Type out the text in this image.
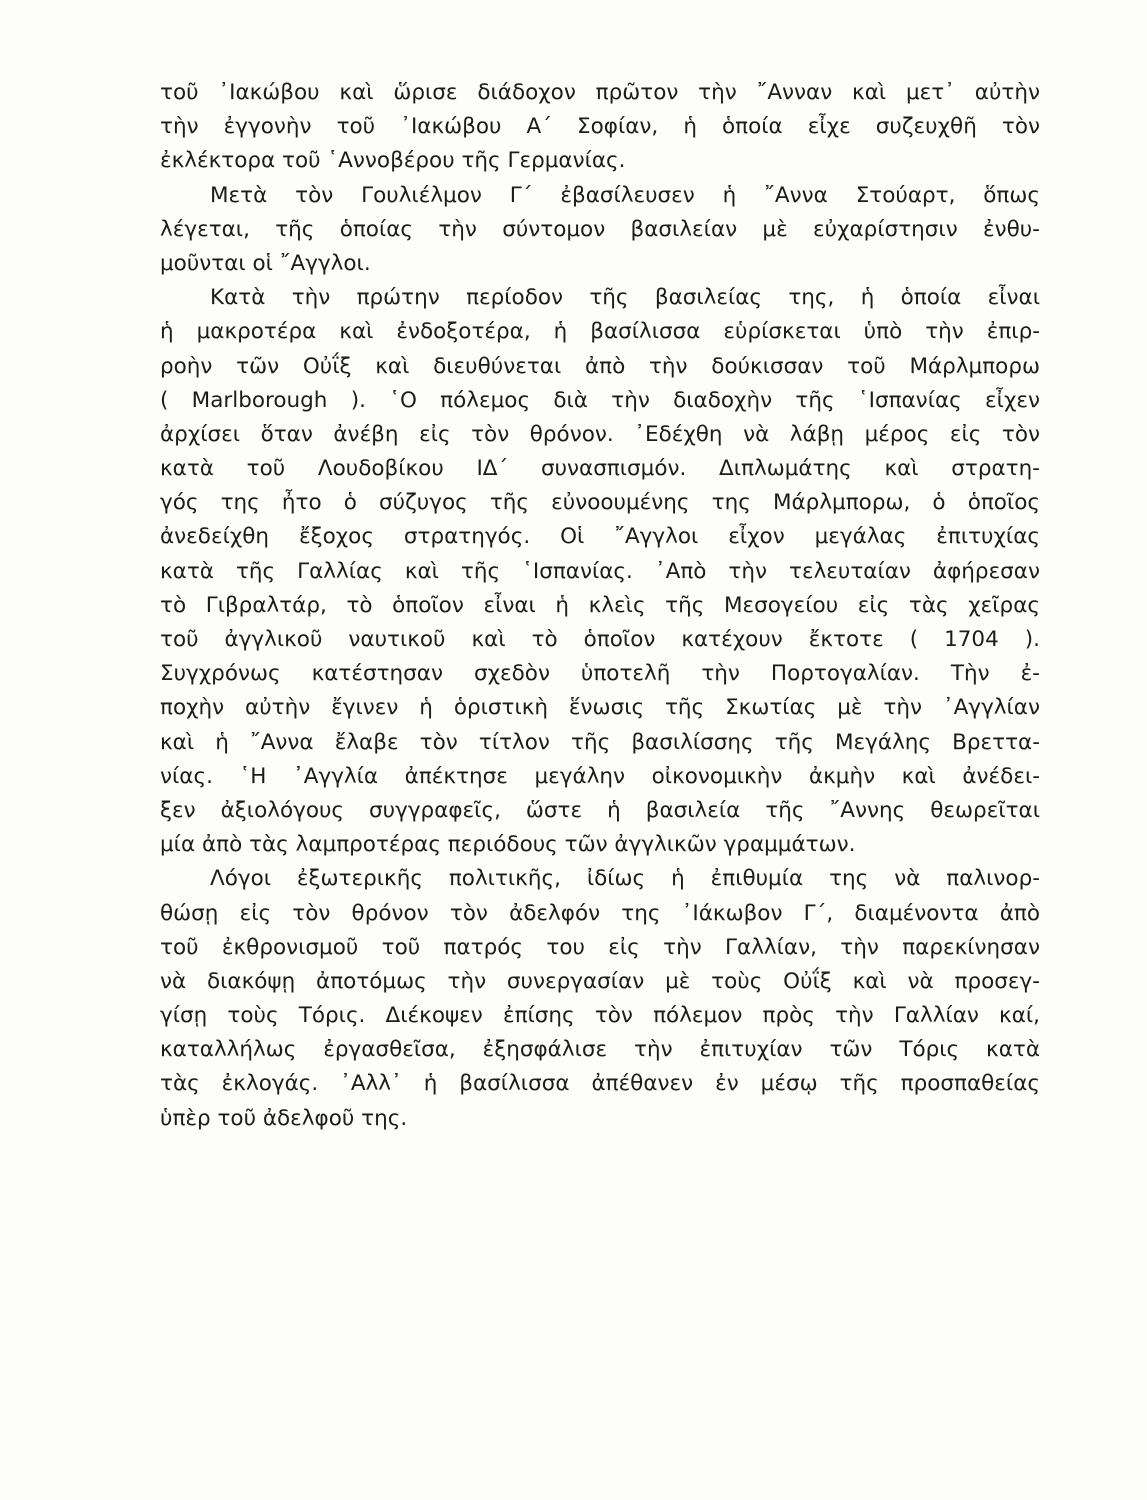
τοῦ ᾿Ιακώβου καὶ ὥρισε διάδοχον πρῶτον τὴν ῎Ανναν καὶ μετ᾿ αὐτὴν
τὴν ἐγγονὴν τοῦ ᾿Ιακώβου Α΄ Σοφίαν, ἡ ὁποία εἶχε συζευχθῆ τὸν
ἐκλέκτορα τοῦ ῾Αννοβέρου τῆς Γερμανίας.
Μετὰ τὸν Γουλιέλμον Γ΄ ἐβασίλευσεν ἡ ῎Αννα Στούαρτ, ὅπως
λέγεται, τῆς ὁποίας τὴν σύντομον βασιλείαν μὲ εὐχαρίστησιν ἐνθυ-
μοῦνται οἱ ῎Αγγλοι.
Κατὰ τὴν πρώτην περίοδον τῆς βασιλείας της, ἡ ὁποία εἶναι
ἡ μακροτέρα καὶ ἐνδοξοτέρα, ἡ βασίλισσα εὑρίσκεται ὑπὸ τὴν ἐπιρ-
ροὴν τῶν Οὐΐξ καὶ διευθύνεται ἀπὸ τὴν δούκισσαν τοῦ Μάρλμπορω
( Marlborough ). ῾Ο πόλεμος διὰ τὴν διαδοχὴν τῆς ῾Ισπανίας εἶχεν
ἀρχίσει ὅταν ἀνέβη εἰς τὸν θρόνον. ᾿Εδέχθη νὰ λάβῃ μέρος εἰς τὸν
κατὰ τοῦ Λουδοβίκου ΙΔ΄ συνασπισμόν. Διπλωμάτης καὶ στρατη-
γός της ἦτο ὁ σύζυγος τῆς εὐνοουμένης της Μάρλμπορω, ὁ ὁποῖος
ἀνεδείχθη ἔξοχος στρατηγός. Οἱ ῎Αγγλοι εἶχον μεγάλας ἐπιτυχίας
κατὰ τῆς Γαλλίας καὶ τῆς ῾Ισπανίας. ᾿Απὸ τὴν τελευταίαν ἀφήρεσαν
τὸ Γιβραλτάρ, τὸ ὁποῖον εἶναι ἡ κλεὶς τῆς Μεσογείου εἰς τὰς χεῖρας
τοῦ ἀγγλικοῦ ναυτικοῦ καὶ τὸ ὁποῖον κατέχουν ἔκτοτε ( 1704 ).
Συγχρόνως κατέστησαν σχεδὸν ὑποτελῆ τὴν Πορτογαλίαν. Τὴν ἐ-
ποχὴν αὐτὴν ἔγινεν ἡ ὁριστικὴ ἕνωσις τῆς Σκωτίας μὲ τὴν ᾿Αγγλίαν
καὶ ἡ ῎Αννα ἔλαβε τὸν τίτλον τῆς βασιλίσσης τῆς Μεγάλης Βρεττα-
νίας. ῾Η ᾿Αγγλία ἀπέκτησε μεγάλην οἰκονομικὴν ἀκμὴν καὶ ἀνέδει-
ξεν ἀξιολόγους συγγραφεῖς, ὥστε ἡ βασιλεία τῆς ῎Αννης θεωρεῖται
μία ἀπὸ τὰς λαμπροτέρας περιόδους τῶν ἀγγλικῶν γραμμάτων.
Λόγοι ἐξωτερικῆς πολιτικῆς, ἰδίως ἡ ἐπιθυμία της νὰ παλινορ-
θώσῃ εἰς τὸν θρόνον τὸν ἀδελφόν της ᾿Ιάκωβον Γ΄, διαμένοντα ἀπὸ
τοῦ ἐκθρονισμοῦ τοῦ πατρός του εἰς τὴν Γαλλίαν, τὴν παρεκίνησαν
νὰ διακόψῃ ἀποτόμως τὴν συνεργασίαν μὲ τοὺς Οὐΐξ καὶ νὰ προσεγ-
γίσῃ τοὺς Τόρις. Διέκοψεν ἐπίσης τὸν πόλεμον πρὸς τὴν Γαλλίαν καί,
καταλλήλως ἐργασθεῖσα, ἐξησφάλισε τὴν ἐπιτυχίαν τῶν Τόρις κατὰ
τὰς ἐκλογάς. ᾿Αλλ᾿ ἡ βασίλισσα ἀπέθανεν ἐν μέσῳ τῆς προσπαθείας
ὑπὲρ τοῦ ἀδελφοῦ της.
